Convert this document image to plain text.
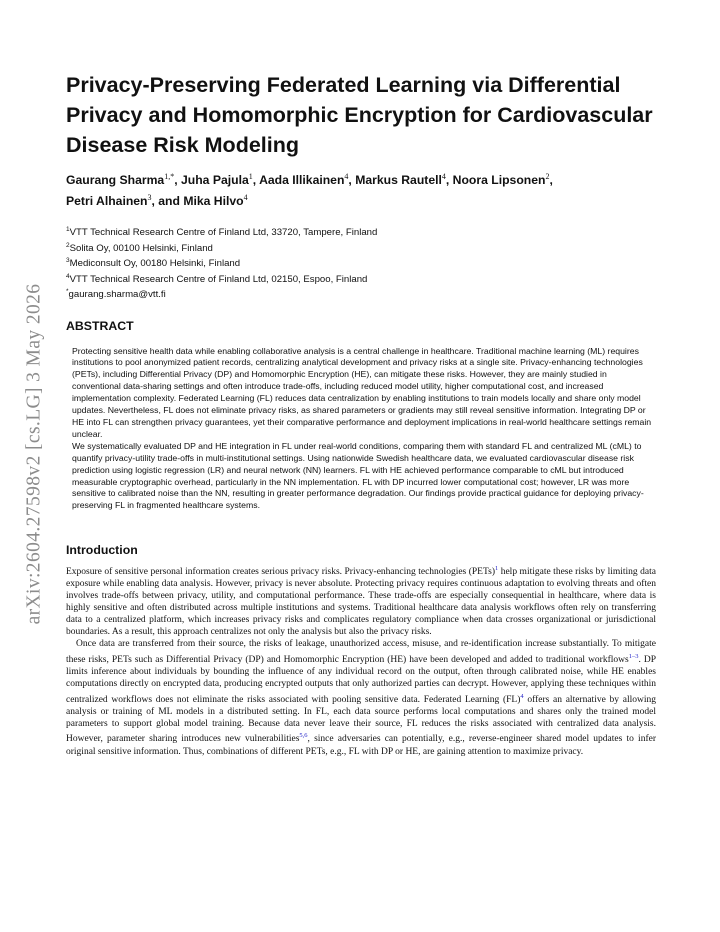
arXiv:2604.27598v2 [cs.LG] 3 May 2026
Privacy-Preserving Federated Learning via Differential Privacy and Homomorphic Encryption for Cardiovascular Disease Risk Modeling
Gaurang Sharma$^{1,*}$, Juha Pajula$^1$, Aada Illikainen$^4$, Markus Rautell$^4$, Noora Lipsonen$^2$,
Petri Alhainen$^3$, and Mika Hilvo$^4$
$^1$VTT Technical Research Centre of Finland Ltd, 33720, Tampere, Finland
$^2$Solita Oy, 00100 Helsinki, Finland
$^3$Mediconsult Oy, 00180 Helsinki, Finland
$^4$VTT Technical Research Centre of Finland Ltd, 02150, Espoo, Finland
*gaurang.sharma@vtt.fi
ABSTRACT

Protecting sensitive health data while enabling collaborative analysis is a central challenge in healthcare. Traditional machine learning (ML) requires institutions to pool anonymized patient records, centralizing analytical development and privacy risks at a single site. Privacy-enhancing technologies (PETs), including Differential Privacy (DP) and Homomorphic Encryption (HE), can mitigate these risks. However, they are mainly studied in conventional data-sharing settings and often introduce trade-offs, including reduced model utility, higher computational cost, and increased implementation complexity. Federated Learning (FL) reduces data centralization by enabling institutions to train models locally and share only model updates. Nevertheless, FL does not eliminate privacy risks, as shared parameters or gradients may still reveal sensitive information. Integrating DP or HE into FL can strengthen privacy guarantees, yet their comparative performance and deployment implications in real-world healthcare settings remain unclear.

We systematically evaluated DP and HE integration in FL under real-world conditions, comparing them with standard FL and centralized ML (cML) to quantify privacy-utility trade-offs in multi-institutional settings. Using nationwide Swedish healthcare data, we evaluated cardiovascular disease risk prediction using logistic regression (LR) and neural network (NN) learners. FL with HE achieved performance comparable to cML but introduced measurable cryptographic overhead, particularly in the NN implementation. FL with DP incurred lower computational cost; however, LR was more sensitive to calibrated noise than the NN, resulting in greater performance degradation. Our findings provide practical guidance for deploying privacy-preserving FL in fragmented healthcare systems.

Introduction

Exposure of sensitive personal information creates serious privacy risks. Privacy-enhancing technologies (PETs)$^1$ help mitigate these risks by limiting data exposure while enabling data analysis. However, privacy is never absolute. Protecting privacy requires continuous adaptation to evolving threats and often involves trade-offs between privacy, utility, and computational performance. These trade-offs are especially consequential in healthcare, where data is highly sensitive and often distributed across multiple institutions and systems. Traditional healthcare data analysis workflows often rely on transferring data to a centralized platform, which increases privacy risks and complicates regulatory compliance when data crosses organizational or jurisdictional boundaries. As a result, this approach centralizes not only the analysis but also the privacy risks.

Once data are transferred from their source, the risks of leakage, unauthorized access, misuse, and re-identification increase substantially. To mitigate these risks, PETs such as Differential Privacy (DP) and Homomorphic Encryption (HE) have been developed and added to traditional workflows$^{1-3}$. DP limits inference about individuals by bounding the influence of any individual record on the output, often through calibrated noise, while HE enables computations directly on encrypted data, producing encrypted outputs that only authorized parties can decrypt. However, applying these techniques within centralized workflows does not eliminate the risks associated with pooling sensitive data. Federated Learning (FL)$^4$ offers an alternative by allowing analysis or training of ML models in a distributed setting. In FL, each data source performs local computations and shares only the trained model parameters to support global model training. Because data never leave their source, FL reduces the risks associated with centralized data analysis. However, parameter sharing introduces new vulnerabilities$^{5,6}$, since adversaries can potentially, e.g., reverse-engineer shared model updates to infer original sensitive information. Thus, combinations of different PETs, e.g., FL with DP or HE, are gaining attention to maximize privacy.
